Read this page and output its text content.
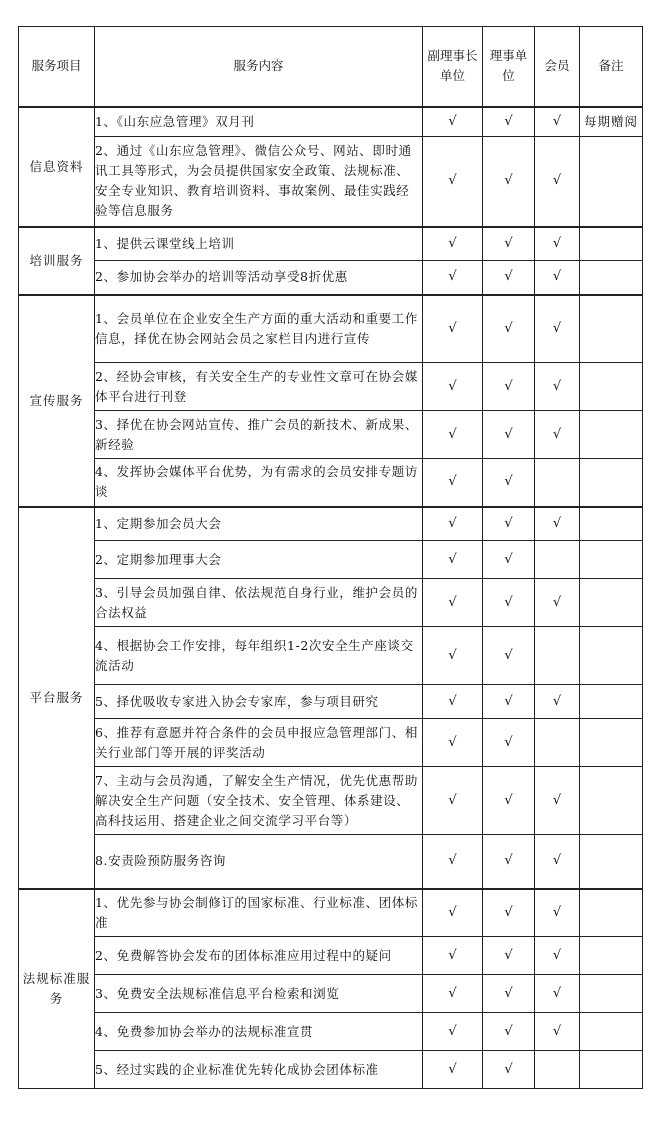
服务项目	服务内容	副理事长单位	理事单位	会员	备注
信息资料	1、《山东应急管理》双月刊	√	√	√	每期赠阅
	2、通过《山东应急管理》、微信公众号、网站、即时通讯工具等形式，为会员提供国家安全政策、法规标准、安全专业知识、教育培训资料、事故案例、最佳实践经验等信息服务	√	√	√	
培训服务	1、提供云课堂线上培训	√	√	√	
	2、参加协会举办的培训等活动享受8折优惠	√	√	√	
宣传服务	1、会员单位在企业安全生产方面的重大活动和重要工作信息，择优在协会网站会员之家栏目内进行宣传	√	√	√	
	2、经协会审核，有关安全生产的专业性文章可在协会媒体平台进行刊登	√	√	√	
	3、择优在协会网站宣传、推广会员的新技术、新成果、新经验	√	√	√	
	4、发挥协会媒体平台优势，为有需求的会员安排专题访谈	√	√		
平台服务	1、定期参加会员大会	√	√	√	
	2、定期参加理事大会	√	√		
	3、引导会员加强自律、依法规范自身行业，维护会员的合法权益	√	√	√	
	4、根据协会工作安排，每年组织1-2次安全生产座谈交流活动	√	√		
	5、择优吸收专家进入协会专家库，参与项目研究	√	√	√	
	6、推荐有意愿并符合条件的会员申报应急管理部门、相关行业部门等开展的评奖活动	√	√		
	7、主动与会员沟通，了解安全生产情况，优先优惠帮助解决安全生产问题（安全技术、安全管理、体系建设、高科技运用、搭建企业之间交流学习平台等）	√	√	√	
	8.安责险预防服务咨询	√	√	√	
法规标准服务	1、优先参与协会制修订的国家标准、行业标准、团体标准	√	√	√	
	2、免费解答协会发布的团体标准应用过程中的疑问	√	√	√	
	3、免费安全法规标准信息平台检索和浏览	√	√	√	
	4、免费参加协会举办的法规标准宣贯	√	√	√	
	5、经过实践的企业标准优先转化成协会团体标准	√	√		
